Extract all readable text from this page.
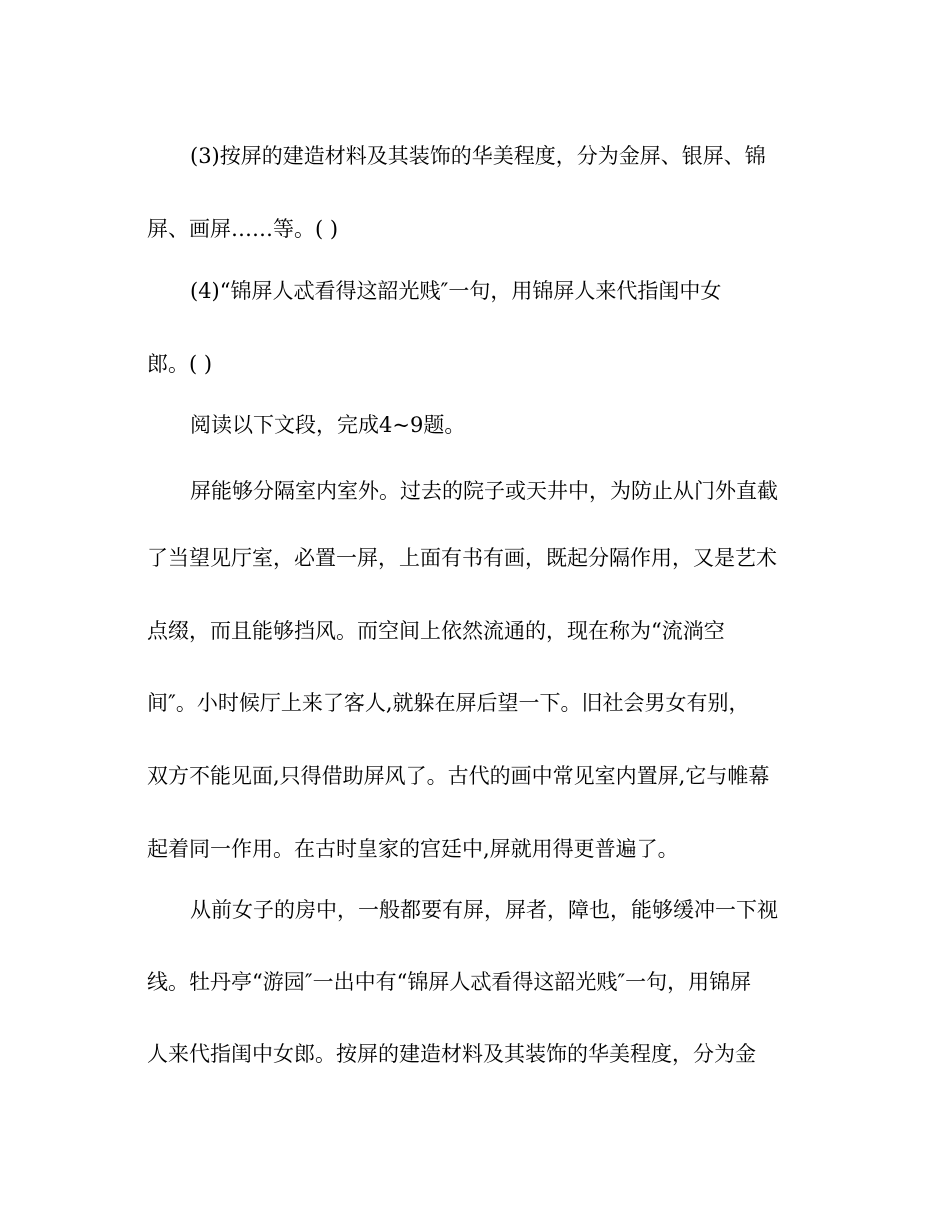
(3)按屏的建造材料及其装饰的华美程度，分为金屏、银屏、锦

屏、画屏……等。( )

(4)“锦屏人忒看得这韶光贱″一句，用锦屏人来代指闺中女

郎。( )

阅读以下文段，完成4~9题。

屏能够分隔室内室外。过去的院子或天井中，为防止从门外直截

了当望见厅室，必置一屏，上面有书有画，既起分隔作用，又是艺术

点缀，而且能够挡风。而空间上依然流通的，现在称为“流淌空

间″。小时候厅上来了客人,就躲在屏后望一下。旧社会男女有别，

双方不能见面,只得借助屏风了。古代的画中常见室内置屏,它与帷幕

起着同一作用。在古时皇家的宫廷中,屏就用得更普遍了。

从前女子的房中，一般都要有屏，屏者，障也，能够缓冲一下视

线。牡丹亭“游园″一出中有“锦屏人忒看得这韶光贱″一句，用锦屏

人来代指闺中女郎。按屏的建造材料及其装饰的华美程度，分为金
